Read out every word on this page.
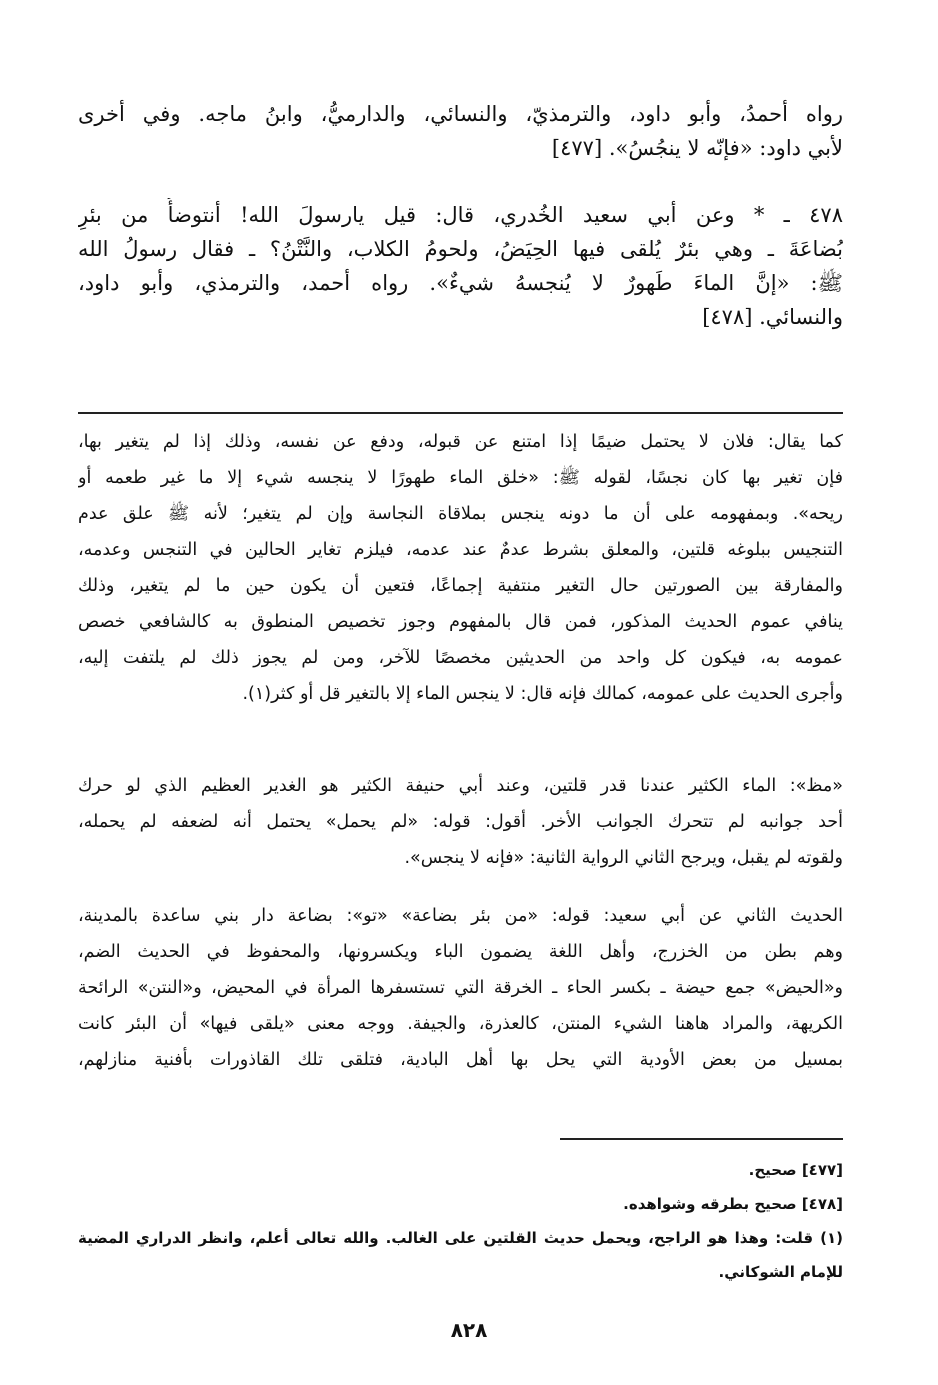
رواه أحمدُ، وأبو داود، والترمذيّ، والنسائي، والدارميُّ، وابنُ ماجه. وفي أخرى
لأبي داود: «فإنّه لا ينجُسُ». [٤٧٧]
٤٧٨ ـ * وعن أبي سعيد الخُدري، قال: قيل يارسولَ الله! أنتوضأُ من بئرِ
بُضاعَةَ ـ وهي بئرٌ يُلقى فيها الحِيَضُ، ولحومُ الكلاب، والنَّتْنُ؟ ـ فقال رسولُ الله
ﷺ: «إنَّ الماءَ طَهورٌ لا يُنجسهُ شيءٌ». رواه أحمد، والترمذي، وأبو داود،
والنسائي. [٤٧٨]
كما يقال: فلان لا يحتمل ضيمًا إذا امتنع عن قبوله، ودفع عن نفسه، وذلك إذا لم يتغير بها،
فإن تغير بها كان نجسًا، لقوله ﷺ: «خلق الماء طهورًا لا ينجسه شيء إلا ما غير طعمه أو
ريحه». وبمفهومه على أن ما دونه ينجس بملاقاة النجاسة وإن لم يتغير؛ لأنه ﷺ علق عدم
التنجيس ببلوغه قلتين، والمعلق بشرط عدمٌ عند عدمه، فيلزم تغاير الحالين في التنجس وعدمه،
والمفارقة بين الصورتين حال التغير منتفية إجماعًا، فتعين أن يكون حين ما لم يتغير، وذلك
ينافي عموم الحديث المذكور، فمن قال بالمفهوم وجوز تخصيص المنطوق به كالشافعي خصص
عمومه به، فيكون كل واحد من الحديثين مخصصًا للآخر، ومن لم يجوز ذلك لم يلتفت إليه،
وأجرى الحديث على عمومه، كمالك فإنه قال: لا ينجس الماء إلا بالتغير قل أو كثر(١).
«مظ»: الماء الكثير عندنا قدر قلتين، وعند أبي حنيفة الكثير هو الغدير العظيم الذي لو حرك
أحد جوانبه لم تتحرك الجوانب الأخر. أقول: قوله: «لم يحمل» يحتمل أنه لضعفه لم يحمله،
ولقوته لم يقبل، ويرجح الثاني الرواية الثانية: «فإنه لا ينجس».
الحديث الثاني عن أبي سعيد: قوله: «من بئر بضاعة» «تو»: بضاعة دار بني ساعدة بالمدينة،
وهم بطن من الخزرج، وأهل اللغة يضمون الباء ويكسرونها، والمحفوظ في الحديث الضم،
و«الحيض» جمع حيضة ـ بكسر الحاء ـ الخرقة التي تستسفرها المرأة في المحيض، و«النتن» الرائحة
الكريهة، والمراد هاهنا الشيء المنتن، كالعذرة، والجيفة. ووجه معنى «يلقى فيها» أن البئر كانت
بمسيل من بعض الأودية التي يحل بها أهل البادية، فتلقى تلك القاذورات بأفنية منازلهم،
[٤٧٧] صحيح.
[٤٧٨] صحيح بطرقه وشواهده.
(١) قلت: وهذا هو الراجح، ويحمل حديث القلتين على الغالب. والله تعالى أعلم، وانظر الدراري المضية
للإمام الشوكاني.
٨٢٨
